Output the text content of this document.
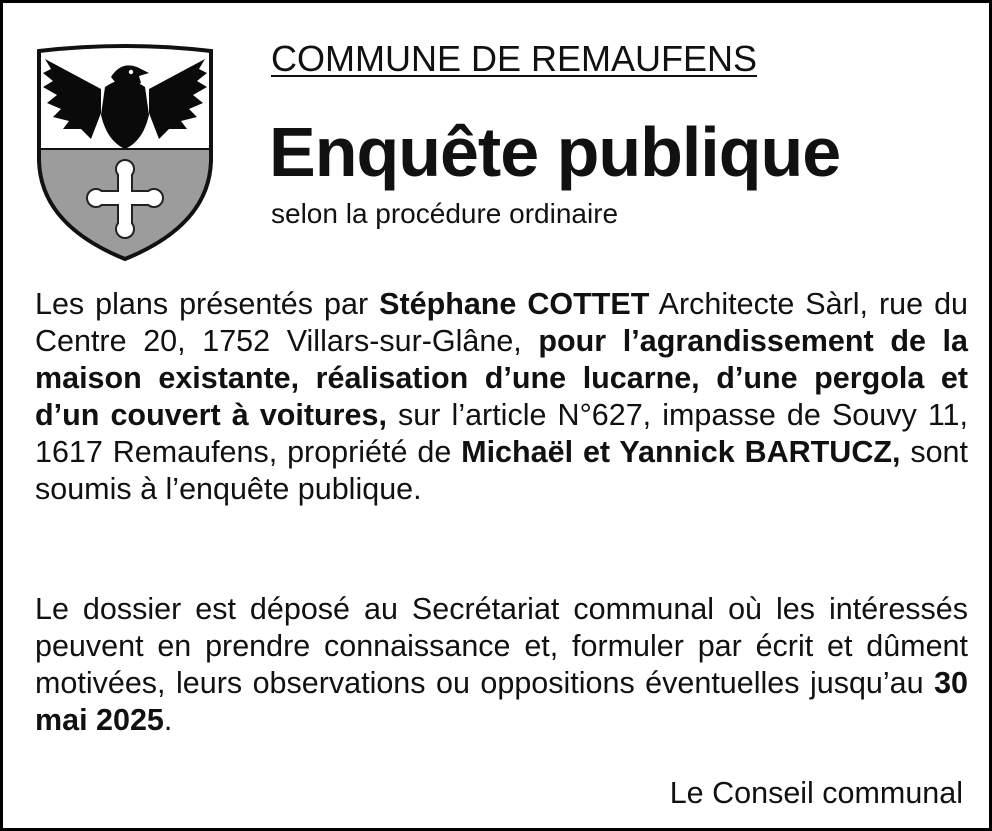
COMMUNE DE REMAUFENS
Enquête publique
selon la procédure ordinaire

Les plans présentés par Stéphane COTTET Architecte Sàrl, rue du Centre 20, 1752 Villars-sur-Glâne, pour l’agrandissement de la maison existante, réalisation d’une lucarne, d’une pergola et d’un couvert à voitures, sur l’article N°627, impasse de Souvy 11, 1617 Remaufens, propriété de Michaël et Yannick BARTUCZ, sont soumis à l’enquête publique.

Le dossier est déposé au Secrétariat communal où les intéressés peuvent en prendre connaissance et, formuler par écrit et dûment motivées, leurs observations ou oppositions éventuelles jusqu’au 30 mai 2025.

Le Conseil communal
